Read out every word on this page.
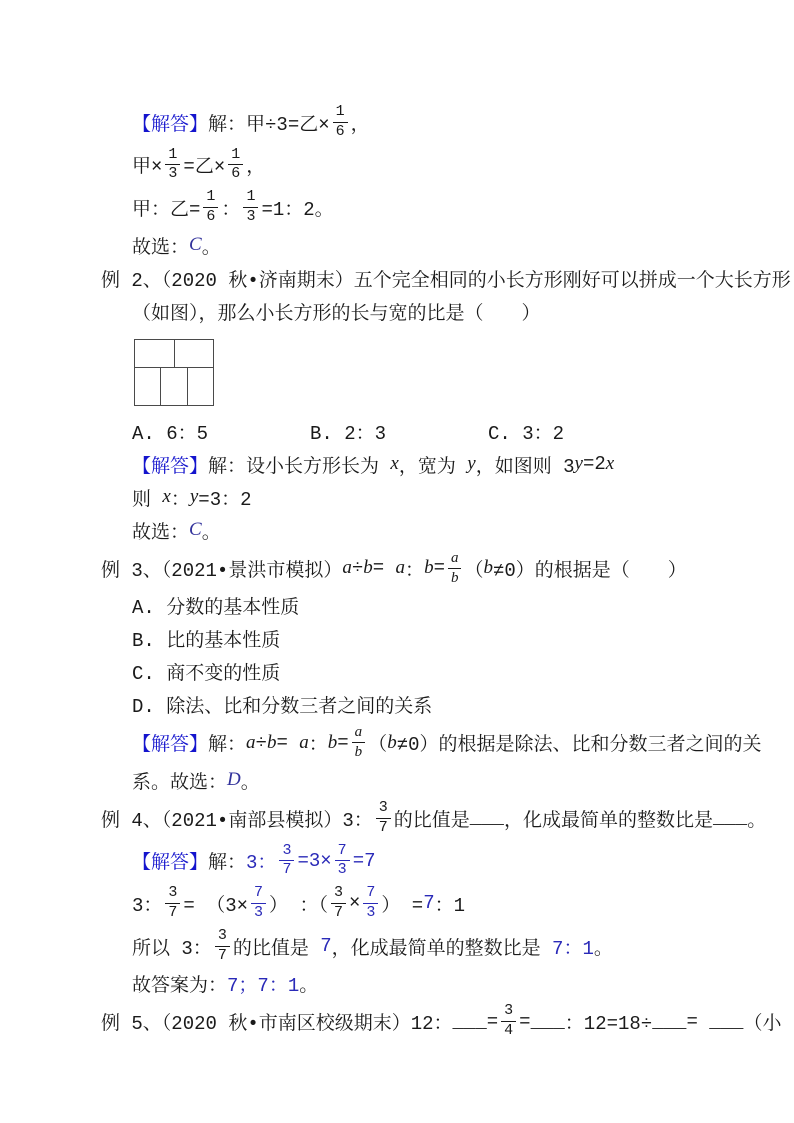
【解答】 解：甲÷3=乙× $\frac{1}{6}$ ，
甲× $\frac{1}{3}$ =乙× $\frac{1}{6}$ ，
甲：乙= $\frac{1}{6}$ ： $\frac{1}{3} =1$：2。
故选： C 。
例 2、（2020 秋•济南期末）五个完全相同的小长方形刚好可以拼成一个大长方形
（如图），那么小长方形的长与宽的比是（　　）
A. 6：5	B. 2：3	C. 3：2
【解答】 解：设小长方形长为 x ，宽为 y ，如图则 3 y =2 x
则 x ： y =3：2
故选： C 。
例 3、（2021•景洪市模拟） a ÷ b = a ： $b = \frac{a}{b}$ （ b ≠0）的根据是（　　）
A. 分数的基本性质
B. 比的基本性质
C. 商不变的性质
D. 除法、比和分数三者之间的关系
【解答】 解： a ÷ b = a ： $b = \frac{a}{b}$ （ b ≠0）的根据是除法、比和分数三者之间的关
系。故选： D 。
例 4、（2021•南部县模拟）3： $\frac{3}{7}$ 的比值是 ___ ，化成最简单的整数比是 ___ 。
【解答】 解： 3： $\frac{3}{7} =3\times \frac{7}{3} =7$
3： $\frac{3}{7} = (3\times \frac{7}{3}$ ） ：（ $\frac{3}{7} \times \frac{7}{3}$ ） = 7 ：1
所以 3： $\frac{3}{7}$ 的比值是 7 ，化成最简单的整数比是 7：1 。
故答案为： 7；7：1 。
例 5、（2020 秋•市南区校级期末）12： ___ = $\frac{3}{4}$ = ___ ：12=18÷ ___ = ___ （小
